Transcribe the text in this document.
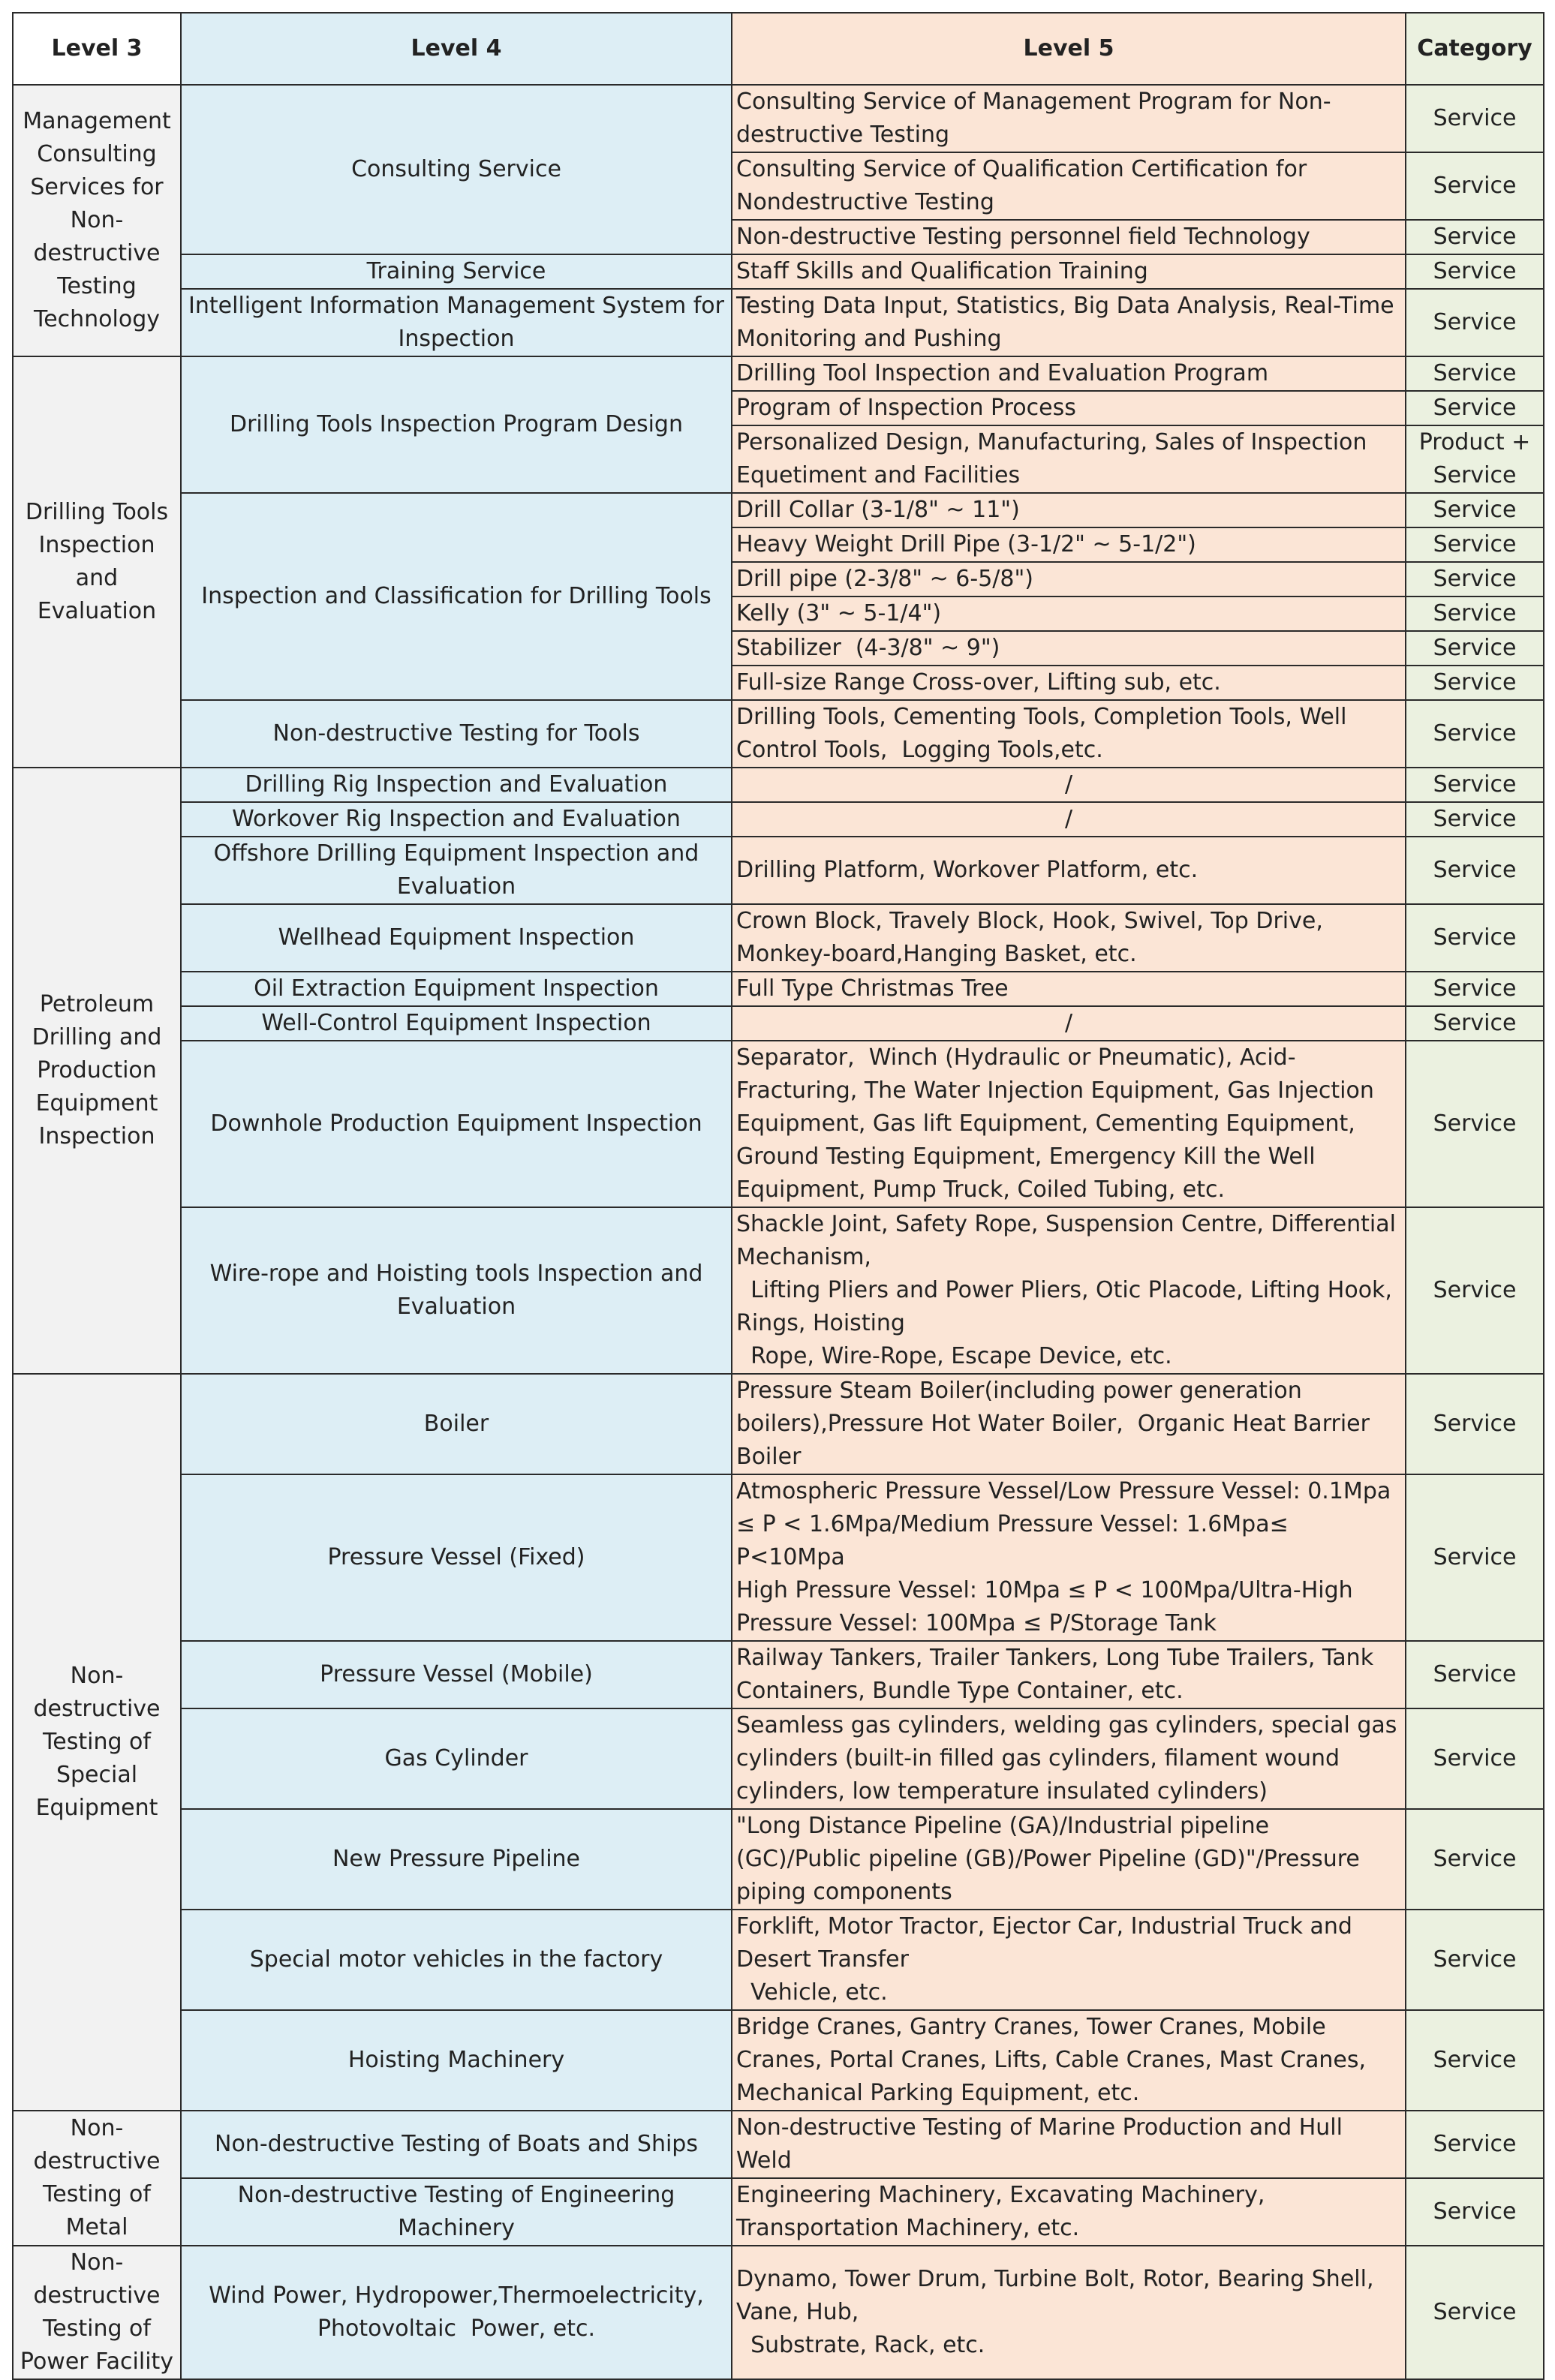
Level 3	Level 4	Level 5	Category
Management Consulting Services for Non-destructive Testing Technology	Consulting Service	Consulting Service of Management Program for Non-destructive Testing	Service
		Consulting Service of Qualification Certification for Nondestructive Testing	Service
		Non-destructive Testing personnel field Technology	Service
	Training Service	Staff Skills and Qualification Training	Service
	Intelligent Information Management System for Inspection	Testing Data Input, Statistics, Big Data Analysis, Real-Time Monitoring and Pushing	Service
Drilling Tools Inspection and Evaluation	Drilling Tools Inspection Program Design	Drilling Tool Inspection and Evaluation Program	Service
		Program of Inspection Process	Service
		Personalized Design, Manufacturing, Sales of Inspection Equetiment and Facilities	Product + Service
	Inspection and Classification for Drilling Tools	Drill Collar (3-1/8" ~ 11")	Service
		Heavy Weight Drill Pipe (3-1/2" ~ 5-1/2")	Service
		Drill pipe (2-3/8" ~ 6-5/8")	Service
		Kelly (3" ~ 5-1/4")	Service
		Stabilizer  (4-3/8" ~ 9")	Service
		Full-size Range Cross-over, Lifting sub, etc.	Service
	Non-destructive Testing for Tools	Drilling Tools, Cementing Tools, Completion Tools, Well Control Tools,  Logging Tools,etc.	Service
Petroleum Drilling and Production Equipment Inspection	Drilling Rig Inspection and Evaluation	/	Service
	Workover Rig Inspection and Evaluation	/	Service
	Offshore Drilling Equipment Inspection and Evaluation	Drilling Platform, Workover Platform, etc.	Service
	Wellhead Equipment Inspection	Crown Block, Travely Block, Hook, Swivel, Top Drive, Monkey-board,Hanging Basket, etc.	Service
	Oil Extraction Equipment Inspection	Full Type Christmas Tree	Service
	Well-Control Equipment Inspection	/	Service
	Downhole Production Equipment Inspection	Separator,  Winch (Hydraulic or Pneumatic), Acid-Fracturing, The Water Injection Equipment, Gas Injection Equipment, Gas lift Equipment, Cementing Equipment, Ground Testing Equipment, Emergency Kill the Well Equipment, Pump Truck, Coiled Tubing, etc.	Service
	Wire-rope and Hoisting tools Inspection and Evaluation	Shackle Joint, Safety Rope, Suspension Centre, Differential Mechanism,
Lifting Pliers and Power Pliers, Otic Placode, Lifting Hook, Rings, Hoisting
Rope, Wire-Rope, Escape Device, etc.	Service
Non-destructive Testing of Special Equipment	Boiler	Pressure Steam Boiler(including power generation boilers),Pressure Hot Water Boiler,  Organic Heat Barrier Boiler	Service
	Pressure Vessel (Fixed)	Atmospheric Pressure Vessel/Low Pressure Vessel: 0.1Mpa ≤ P < 1.6Mpa/Medium Pressure Vessel: 1.6Mpa≤ P<10Mpa
High Pressure Vessel: 10Mpa ≤ P < 100Mpa/Ultra-High Pressure Vessel: 100Mpa ≤ P/Storage Tank	Service
	Pressure Vessel (Mobile)	Railway Tankers, Trailer Tankers, Long Tube Trailers, Tank Containers, Bundle Type Container, etc.	Service
	Gas Cylinder	Seamless gas cylinders, welding gas cylinders, special gas cylinders (built-in filled gas cylinders, filament wound cylinders, low temperature insulated cylinders)	Service
	New Pressure Pipeline	"Long Distance Pipeline (GA)/Industrial pipeline (GC)/Public pipeline (GB)/Power Pipeline (GD)"/Pressure piping components	Service
	Special motor vehicles in the factory	Forklift, Motor Tractor, Ejector Car, Industrial Truck and Desert Transfer
Vehicle, etc.	Service
	Hoisting Machinery	Bridge Cranes, Gantry Cranes, Tower Cranes, Mobile Cranes, Portal Cranes, Lifts, Cable Cranes, Mast Cranes, Mechanical Parking Equipment, etc.	Service
Non-destructive Testing of Metal	Non-destructive Testing of Boats and Ships	Non-destructive Testing of Marine Production and Hull Weld	Service
	Non-destructive Testing of Engineering Machinery	Engineering Machinery, Excavating Machinery, Transportation Machinery, etc.	Service
Non-destructive Testing of Power Facility	Wind Power, Hydropower,Thermoelectricity, Photovoltaic  Power, etc.	Dynamo, Tower Drum, Turbine Bolt, Rotor, Bearing Shell, Vane, Hub,
Substrate, Rack, etc.	Service
